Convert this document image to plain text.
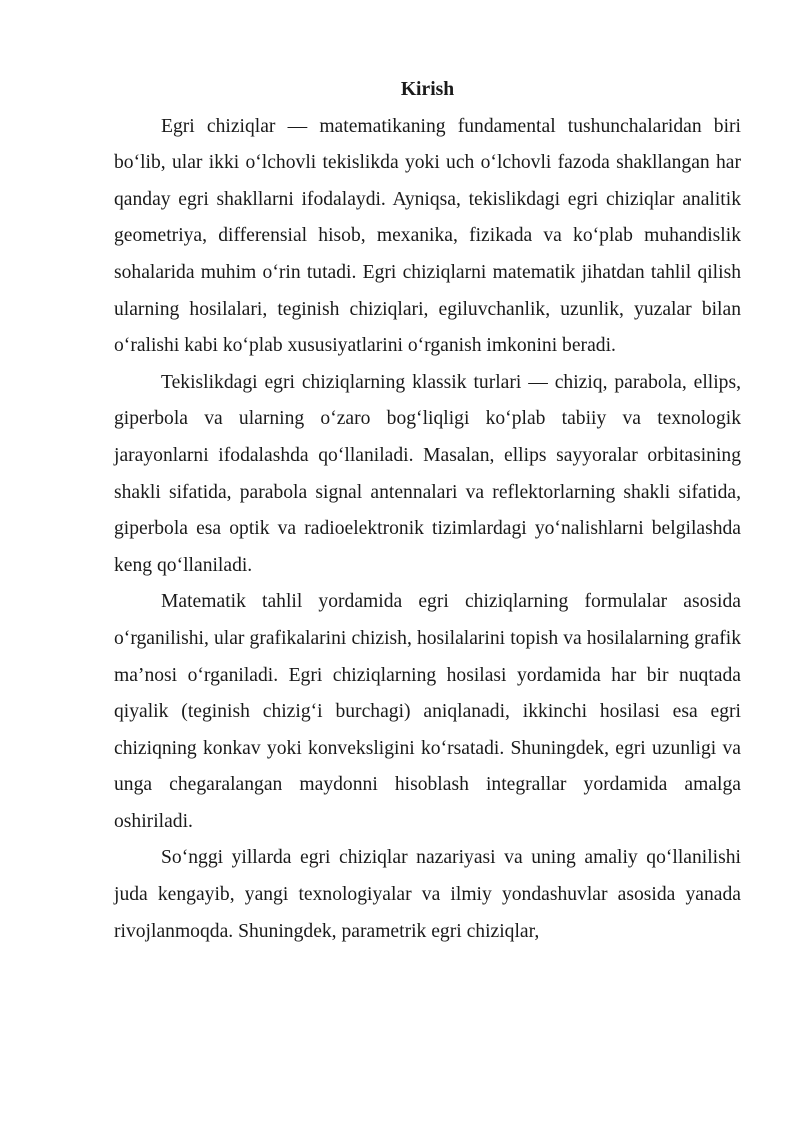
Kirish

Egri chiziqlar — matematikaning fundamental tushunchalaridan biri bo‘lib, ular ikki o‘lchovli tekislikda yoki uch o‘lchovli fazoda shakllangan har qanday egri shakllarni ifodalaydi. Ayniqsa, tekislikdagi egri chiziqlar analitik geometriya, differensial hisob, mexanika, fizikada va ko‘plab muhandislik sohalarida muhim o‘rin tutadi. Egri chiziqlarni matematik jihatdan tahlil qilish ularning hosilalari, teginish chiziqlari, egiluvchanlik, uzunlik, yuzalar bilan o‘ralishi kabi ko‘plab xususiyatlarini o‘rganish imkonini beradi.

Tekislikdagi egri chiziqlarning klassik turlari — chiziq, parabola, ellips, giperbola va ularning o‘zaro bog‘liqligi ko‘plab tabiiy va texnologik jarayonlarni ifodalashda qo‘llaniladi. Masalan, ellips sayyoralar orbitasining shakli sifatida, parabola signal antennalari va reflektorlarning shakli sifatida, giperbola esa optik va radioelektronik tizimlardagi yo‘nalishlarni belgilashda keng qo‘llaniladi.

Matematik tahlil yordamida egri chiziqlarning formulalar asosida o‘rganilishi, ular grafikalarini chizish, hosilalarini topish va hosilalarning grafik ma’nosi o‘rganiladi. Egri chiziqlarning hosilasi yordamida har bir nuqtada qiyalik (teginish chizig‘i burchagi) aniqlanadi, ikkinchi hosilasi esa egri chiziqning konkav yoki konveksligini ko‘rsatadi. Shuningdek, egri uzunligi va unga chegaralangan maydonni hisoblash integrallar yordamida amalga oshiriladi.

So‘nggi yillarda egri chiziqlar nazariyasi va uning amaliy qo‘llanilishi juda kengayib, yangi texnologiyalar va ilmiy yondashuvlar asosida yanada rivojlanmoqda. Shuningdek, parametrik egri chiziqlar,
